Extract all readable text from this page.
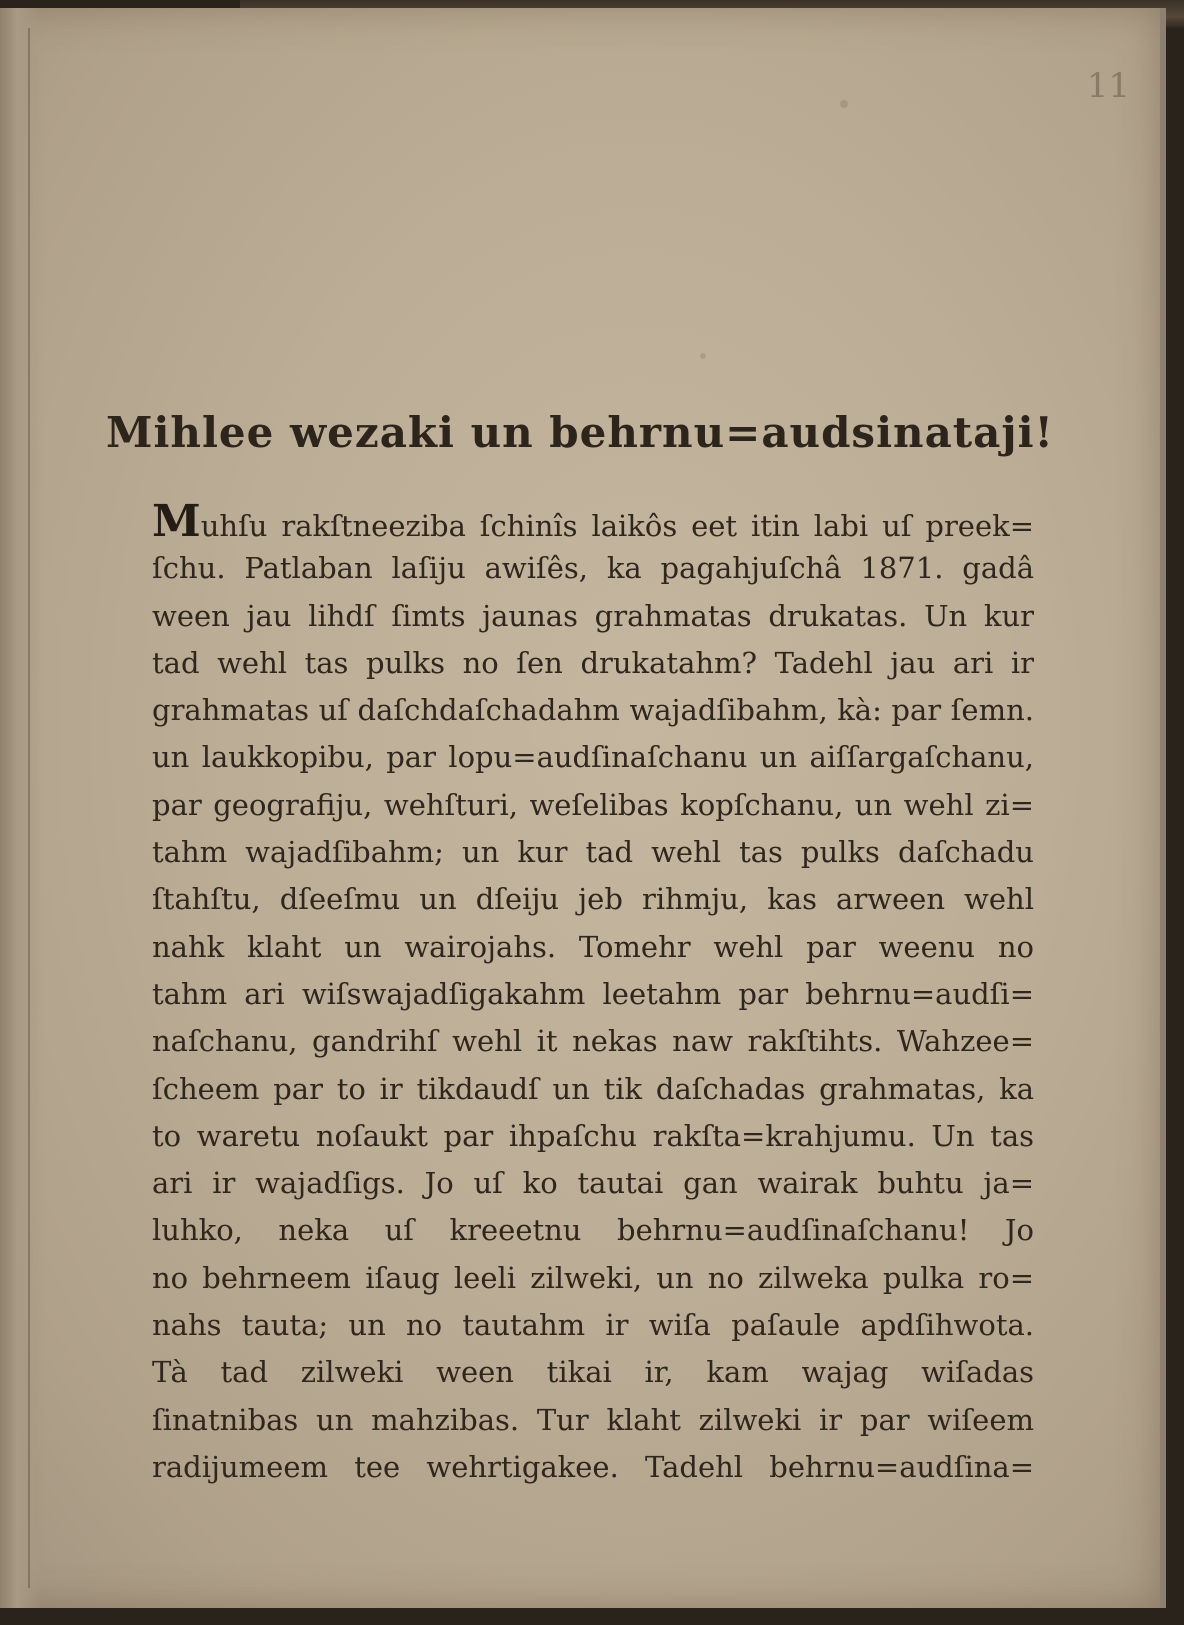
11
Mihlee wezaki un behrnu=audsinataji!
Muhſu rakſtneeziba ſchinîs laikôs eet itin labi uſ preek=
ſchu. Patlaban laſiju awiſês, ka pagahjuſchâ 1871. gadâ
ween jau lihdſ ſimts jaunas grahmatas drukatas. Un kur
tad wehl tas pulks no ſen drukatahm? Tadehl jau ari ir
grahmatas uſ daſchdaſchadahm wajadſibahm, kà: par ſemn.
un laukkopibu, par lopu=audſinaſchanu un aiſſargaſchanu,
par geografiju, wehſturi, weſelibas kopſchanu, un wehl zi=
tahm wajadſibahm; un kur tad wehl tas pulks daſchadu
ſtahſtu, dſeeſmu un dſeiju jeb rihmju, kas arween wehl
nahk klaht un wairojahs. Tomehr wehl par weenu no
tahm ari wiſswajadſigakahm leetahm par behrnu=audſi=
naſchanu, gandrihſ wehl it nekas naw rakſtihts. Wahzee=
ſcheem par to ir tikdaudſ un tik daſchadas grahmatas, ka
to waretu noſaukt par ihpaſchu rakſta=krahjumu. Un tas
ari ir wajadſigs. Jo uſ ko tautai gan wairak buhtu ja=
luhko, neka uſ kreeetnu behrnu=audſinaſchanu! Jo
no behrneem iſaug leeli zilweki, un no zilweka pulka ro=
nahs tauta; un no tautahm ir wiſa paſaule apdſihwota.
Tà tad zilweki ween tikai ir, kam wajag wiſadas
ſinatnibas un mahzibas. Tur klaht zilweki ir par wiſeem
radijumeem tee wehrtigakee. Tadehl behrnu=audſina=
